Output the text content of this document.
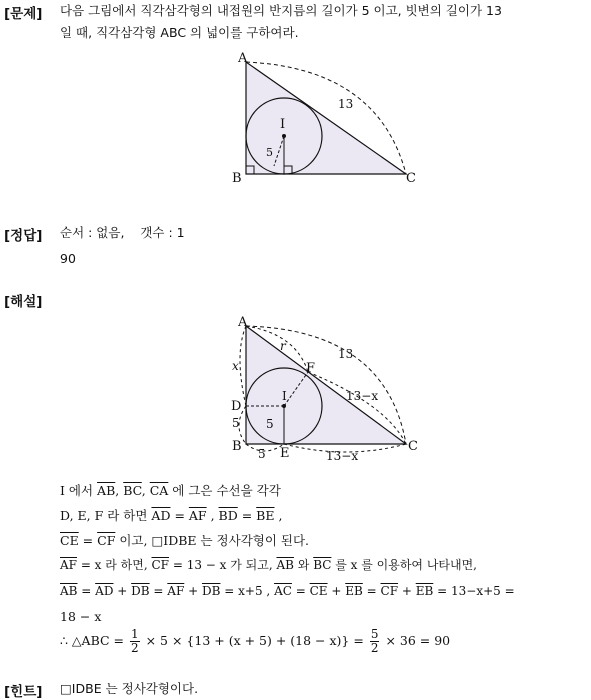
[문제] 다음 그림에서 직각삼각형의 내접원의 반지름의 길이가 5 이고, 빗변의 길이가 13
일 때, 직각삼각형 ABC 의 넓이를 구하여라.
A
B	C
I
5
13
[정답] 순서 : 없음,    갯수 : 1
90
[해설]
A
B	C
D
E
F
I
x
r
5 5
5
13
13−x
13−x
I 에서 $\overline{AB}$, $\overline{BC}$, $\overline{CA}$ 에 그은 수선을 각각
D, E, F 라 하면 $\overline{AD} = \overline{AF}$ , $\overline{BD} = \overline{BE}$ ,
$\overline{CE} = \overline{CF}$ 이고, □IDBE 는 정사각형이 된다.
$\overline{AF} = x$ 라 하면, $\overline{CF} = 13 - x$ 가 되고, $\overline{AB}$ 와 $\overline{BC}$ 를 x 를 이용하여 나타내면,
$\overline{AB} = \overline{AD} + \overline{DB} = \overline{AF} + \overline{DB} = x+5$ , $\overline{AC} = \overline{CE} + \overline{EB} = \overline{CF} + \overline{EB} = 13-x+5$ =
18 − x
∴ △ABC = $\frac{1}{2} \times 5 \times \{13 + (x + 5) + (18 - x)\} = \frac{5}{2} \times 36 = 90$
[힌트] □IDBE 는 정사각형이다.
